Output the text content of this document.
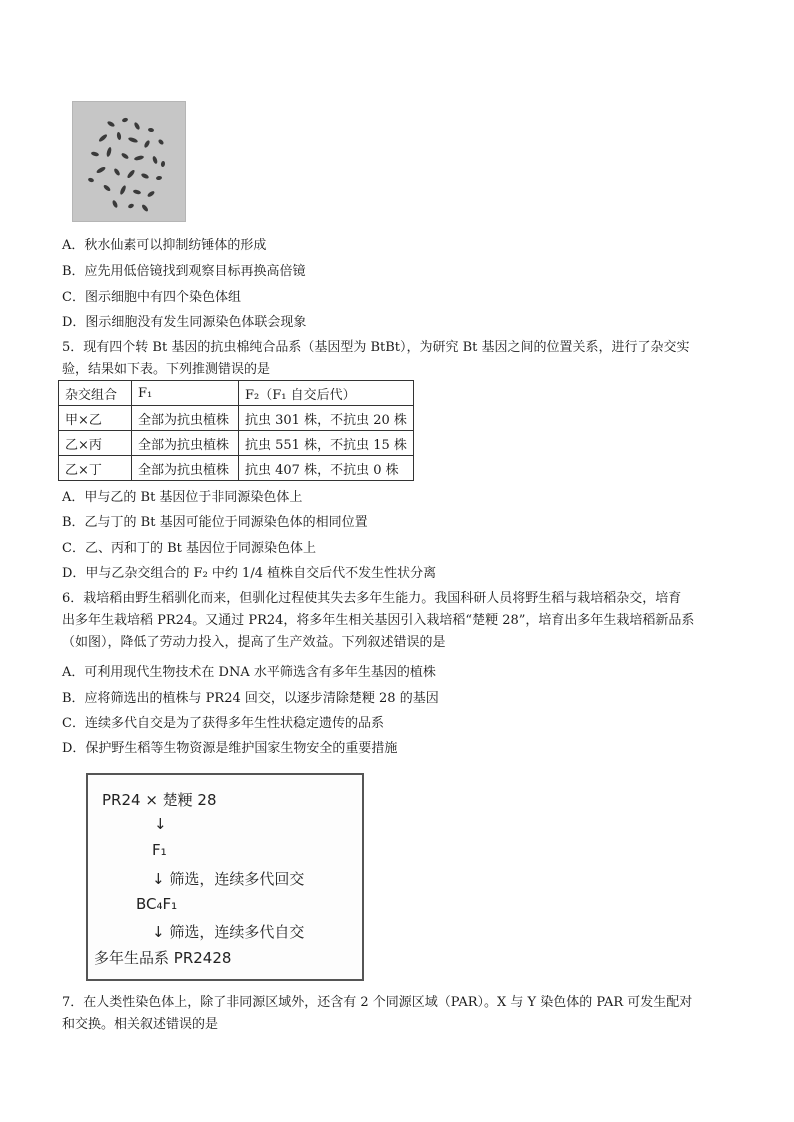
A．秋水仙素可以抑制纺锤体的形成
B．应先用低倍镜找到观察目标再换高倍镜
C．图示细胞中有四个染色体组
D．图示细胞没有发生同源染色体联会现象
5．现有四个转 Bt 基因的抗虫棉纯合品系（基因型为 BtBt），为研究 Bt 基因之间的位置关系，进行了杂交实
验，结果如下表。下列推测错误的是
杂交组合	F₁	F₂（F₁ 自交后代）
甲×乙	全部为抗虫植株	抗虫 301 株，不抗虫 20 株
乙×丙	全部为抗虫植株	抗虫 551 株，不抗虫 15 株
乙×丁	全部为抗虫植株	抗虫 407 株，不抗虫 0 株
A．甲与乙的 Bt 基因位于非同源染色体上
B．乙与丁的 Bt 基因可能位于同源染色体的相同位置
C．乙、丙和丁的 Bt 基因位于同源染色体上
D．甲与乙杂交组合的 F₂ 中约 1/4 植株自交后代不发生性状分离
6．栽培稻由野生稻驯化而来，但驯化过程使其失去多年生能力。我国科研人员将野生稻与栽培稻杂交，培育
出多年生栽培稻 PR24。又通过 PR24，将多年生相关基因引入栽培稻“楚粳 28”，培育出多年生栽培稻新品系
（如图），降低了劳动力投入，提高了生产效益。下列叙述错误的是
A．可利用现代生物技术在 DNA 水平筛选含有多年生基因的植株
B．应将筛选出的植株与 PR24 回交，以逐步清除楚粳 28 的基因
C．连续多代自交是为了获得多年生性状稳定遗传的品系
D．保护野生稻等生物资源是维护国家生物安全的重要措施
PR24 × 楚粳 28
↓
F₁
↓ 筛选，连续多代回交
BC₄F₁
↓ 筛选，连续多代自交
多年生品系 PR2428
7．在人类性染色体上，除了非同源区域外，还含有 2 个同源区域（PAR）。X 与 Y 染色体的 PAR 可发生配对
和交换。相关叙述错误的是
